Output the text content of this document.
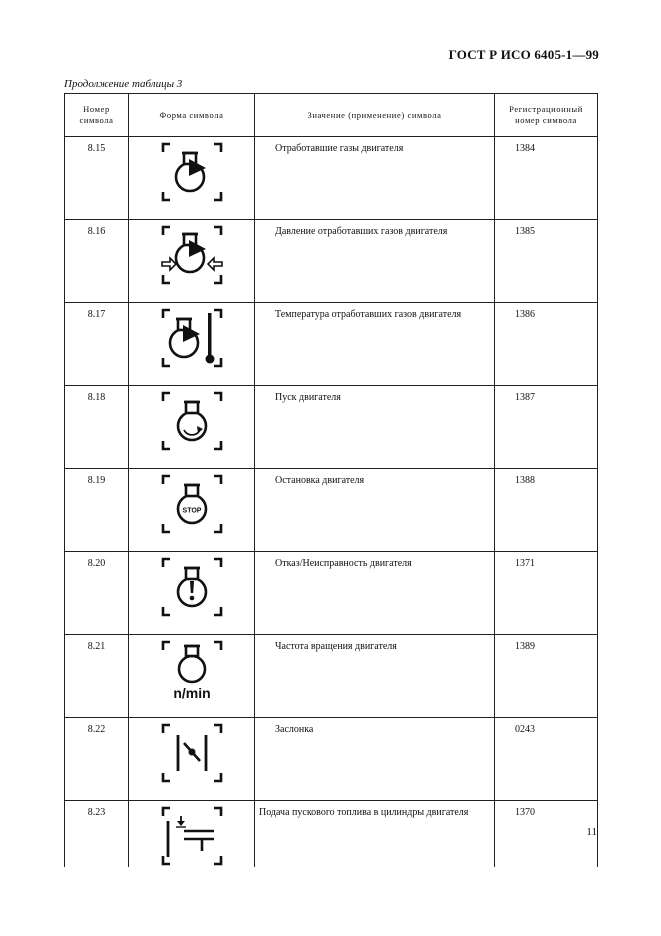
ГОСТ Р ИСО 6405-1—99
Продолжение таблицы 3
Номер
символа	Форма символа	Значение (применение) символа	Регистрационный
номер символа
8.15		Отработавшие газы двигателя	1384
8.16		Давление отработавших газов двигателя	1385
8.17		Температура отработавших газов двигателя	1386
8.18		Пуск двигателя	1387
8.19	STOP	Остановка двигателя	1388
8.20		Отказ/Неисправность двигателя	1371
8.21	n/min	Частота вращения двигателя	1389
8.22		Заслонка	0243
8.23		Подача пускового топлива в цилиндры двигателя	1370
11
